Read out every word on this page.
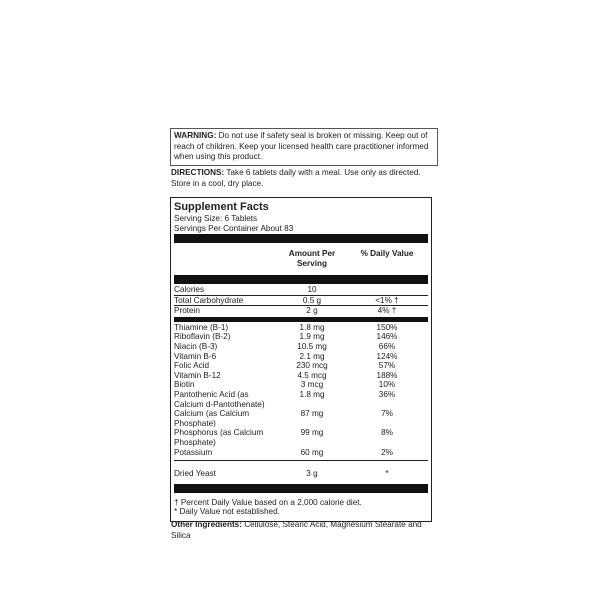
WARNING: Do not use if safety seal is broken or missing. Keep out of reach of children. Keep your licensed health care practitioner informed when using this product.
DIRECTIONS: Take 6 tablets daily with a meal. Use only as directed. Store in a cool, dry place.
Supplement Facts
Serving Size: 6 Tablets
Servings Per Container About 83
Amount Per Serving
% Daily Value
Calories	10
Total Carbohydrate	0.5 g	<1% †
Protein	2 g	4% †
Thiamine (B-1)	1.8 mg	150%
Riboflavin (B-2)	1.9 mg	146%
Niacin (B-3)	10.5 mg	66%
Vitamin B-6	2.1 mg	124%
Folic Acid	230 mcg	57%
Vitamin B-12	4.5 mcg	188%
Biotin	3 mcg	10%
Pantothenic Acid (as Calcium d-Pantothenate)
1.8 mg	36%
Calcium (as Calcium Phosphate)
87 mg	7%
Phosphorus (as Calcium Phosphate)
99 mg	8%
Potassium	60 mg	2%
Dried Yeast	3 g	*
† Percent Daily Value based on a 2,000 calorie diet.
* Daily Value not established.
Other Ingredients: Cellulose, Stearic Acid, Magnesium Stearate and Silica
